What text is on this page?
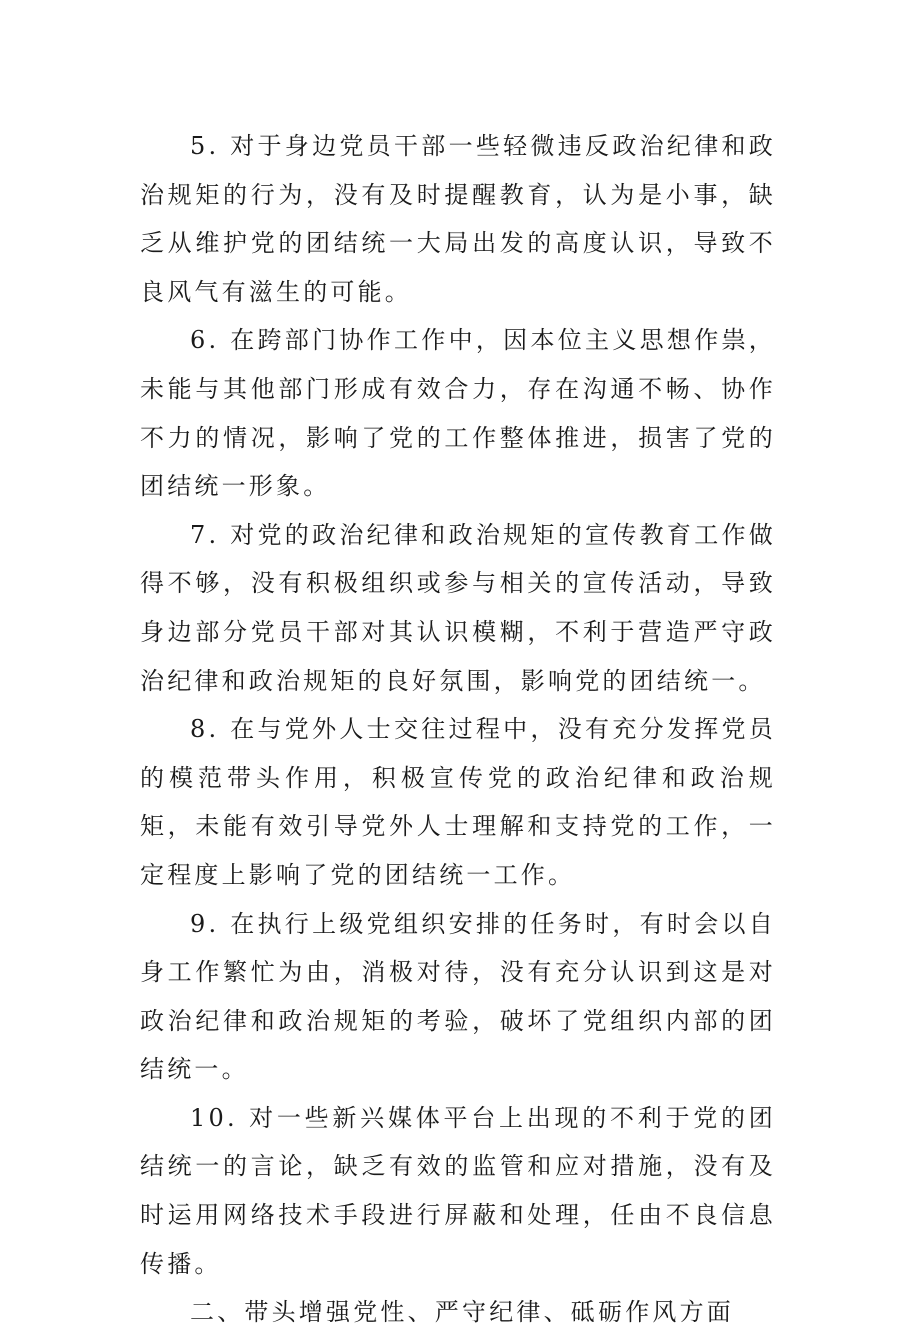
5. 对于身边党员干部一些轻微违反政治纪律和政治规矩的行为，没有及时提醒教育，认为是小事，缺乏从维护党的团结统一大局出发的高度认识，导致不良风气有滋生的可能。

6. 在跨部门协作工作中，因本位主义思想作祟，未能与其他部门形成有效合力，存在沟通不畅、协作不力的情况，影响了党的工作整体推进，损害了党的团结统一形象。

7. 对党的政治纪律和政治规矩的宣传教育工作做得不够，没有积极组织或参与相关的宣传活动，导致身边部分党员干部对其认识模糊，不利于营造严守政治纪律和政治规矩的良好氛围，影响党的团结统一。

8. 在与党外人士交往过程中，没有充分发挥党员的模范带头作用，积极宣传党的政治纪律和政治规矩，未能有效引导党外人士理解和支持党的工作，一定程度上影响了党的团结统一工作。

9. 在执行上级党组织安排的任务时，有时会以自身工作繁忙为由，消极对待，没有充分认识到这是对政治纪律和政治规矩的考验，破坏了党组织内部的团结统一。

10. 对一些新兴媒体平台上出现的不利于党的团结统一的言论，缺乏有效的监管和应对措施，没有及时运用网络技术手段进行屏蔽和处理，任由不良信息传播。

二、带头增强党性、严守纪律、砥砺作风方面
